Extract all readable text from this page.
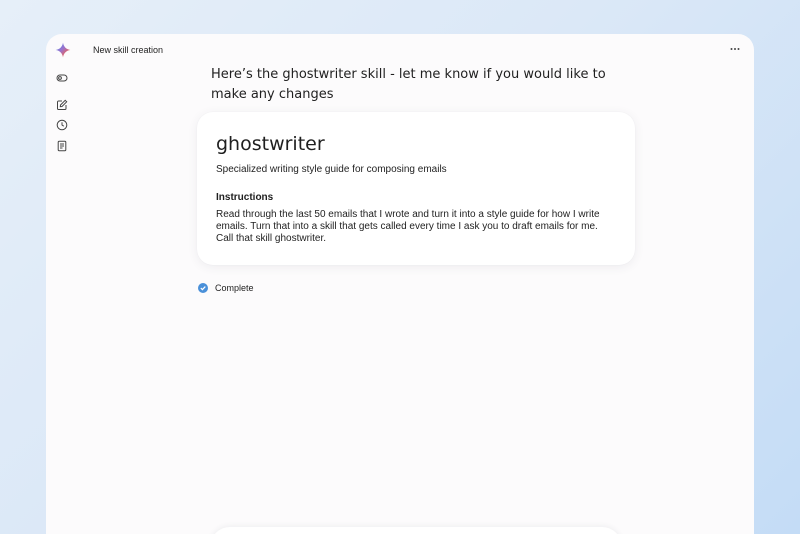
New skill creation
Here’s the ghostwriter skill - let me know if you would like to make any changes
ghostwriter
Specialized writing style guide for composing emails
Instructions
Read through the last 50 emails that I wrote and turn it into a style guide for how I write emails. Turn that into a skill that gets called every time I ask you to draft emails for me. Call that skill ghostwriter.
Complete
